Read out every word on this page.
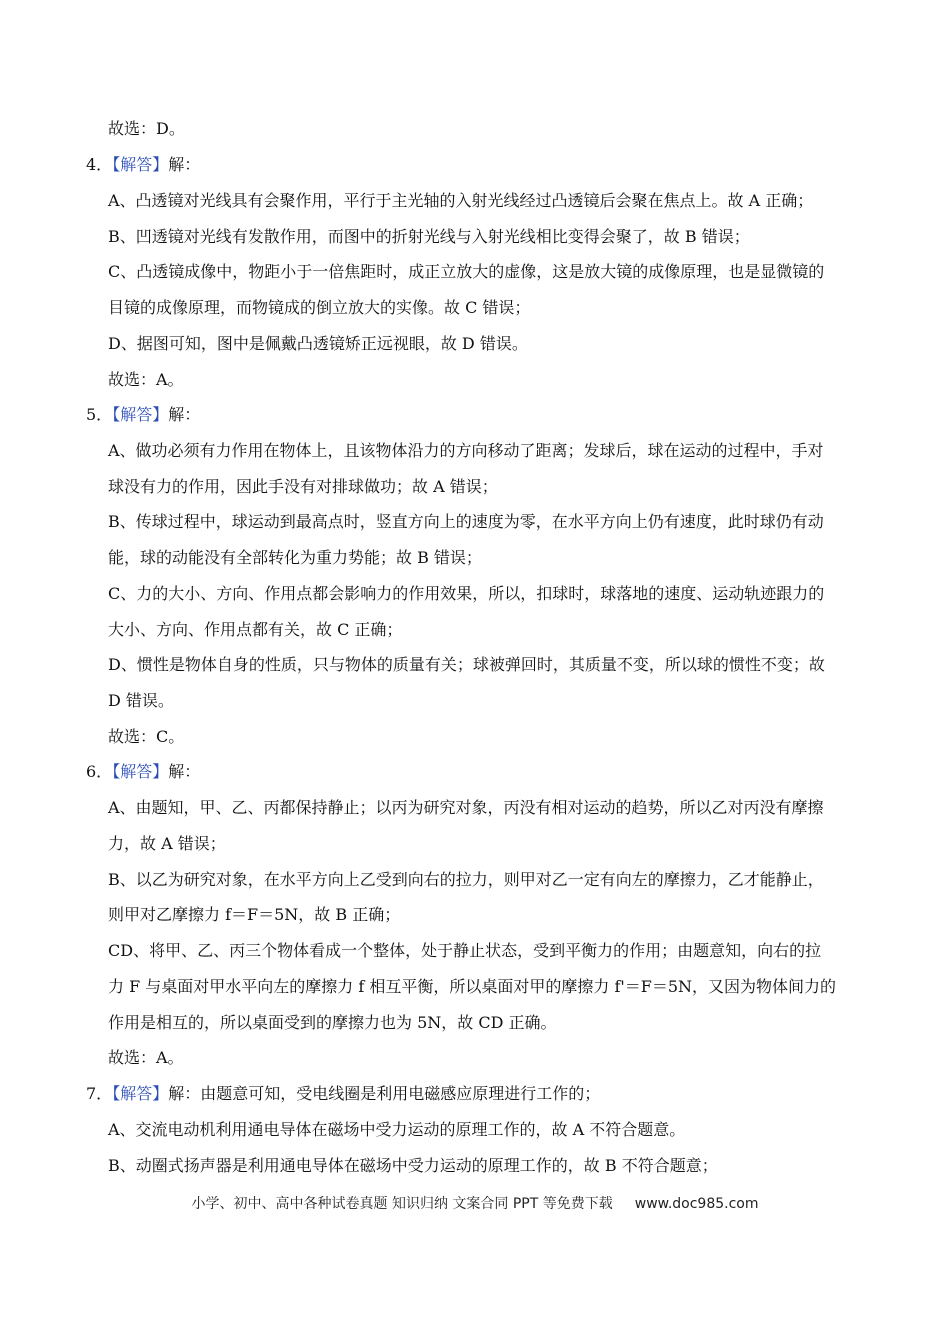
故选：D。
4．【解答】解：
A、凸透镜对光线具有会聚作用，平行于主光轴的入射光线经过凸透镜后会聚在焦点上。故 A 正确；
B、凹透镜对光线有发散作用，而图中的折射光线与入射光线相比变得会聚了，故 B 错误；
C、凸透镜成像中，物距小于一倍焦距时，成正立放大的虚像，这是放大镜的成像原理，也是显微镜的
目镜的成像原理，而物镜成的倒立放大的实像。故 C 错误；
D、据图可知，图中是佩戴凸透镜矫正远视眼，故 D 错误。
故选：A。
5．【解答】解：
A、做功必须有力作用在物体上，且该物体沿力的方向移动了距离；发球后，球在运动的过程中，手对
球没有力的作用，因此手没有对排球做功；故 A 错误；
B、传球过程中，球运动到最高点时，竖直方向上的速度为零，在水平方向上仍有速度，此时球仍有动
能，球的动能没有全部转化为重力势能；故 B 错误；
C、力的大小、方向、作用点都会影响力的作用效果，所以，扣球时，球落地的速度、运动轨迹跟力的
大小、方向、作用点都有关，故 C 正确；
D、惯性是物体自身的性质，只与物体的质量有关；球被弹回时，其质量不变，所以球的惯性不变；故
D 错误。
故选：C。
6．【解答】解：
A、由题知，甲、乙、丙都保持静止；以丙为研究对象，丙没有相对运动的趋势，所以乙对丙没有摩擦
力，故 A 错误；
B、以乙为研究对象，在水平方向上乙受到向右的拉力，则甲对乙一定有向左的摩擦力，乙才能静止，
则甲对乙摩擦力 f＝F＝5N，故 B 正确；
CD、将甲、乙、丙三个物体看成一个整体，处于静止状态，受到平衡力的作用；由题意知，向右的拉
力 F 与桌面对甲水平向左的摩擦力 f 相互平衡，所以桌面对甲的摩擦力 f'＝F＝5N，又因为物体间力的
作用是相互的，所以桌面受到的摩擦力也为 5N，故 CD 正确。
故选：A。
7．【解答】解：由题意可知，受电线圈是利用电磁感应原理进行工作的；
A、交流电动机利用通电导体在磁场中受力运动的原理工作的，故 A 不符合题意。
B、动圈式扬声器是利用通电导体在磁场中受力运动的原理工作的，故 B 不符合题意；
小学、初中、高中各种试卷真题 知识归纳 文案合同 PPT 等免费下载 www.doc985.com
